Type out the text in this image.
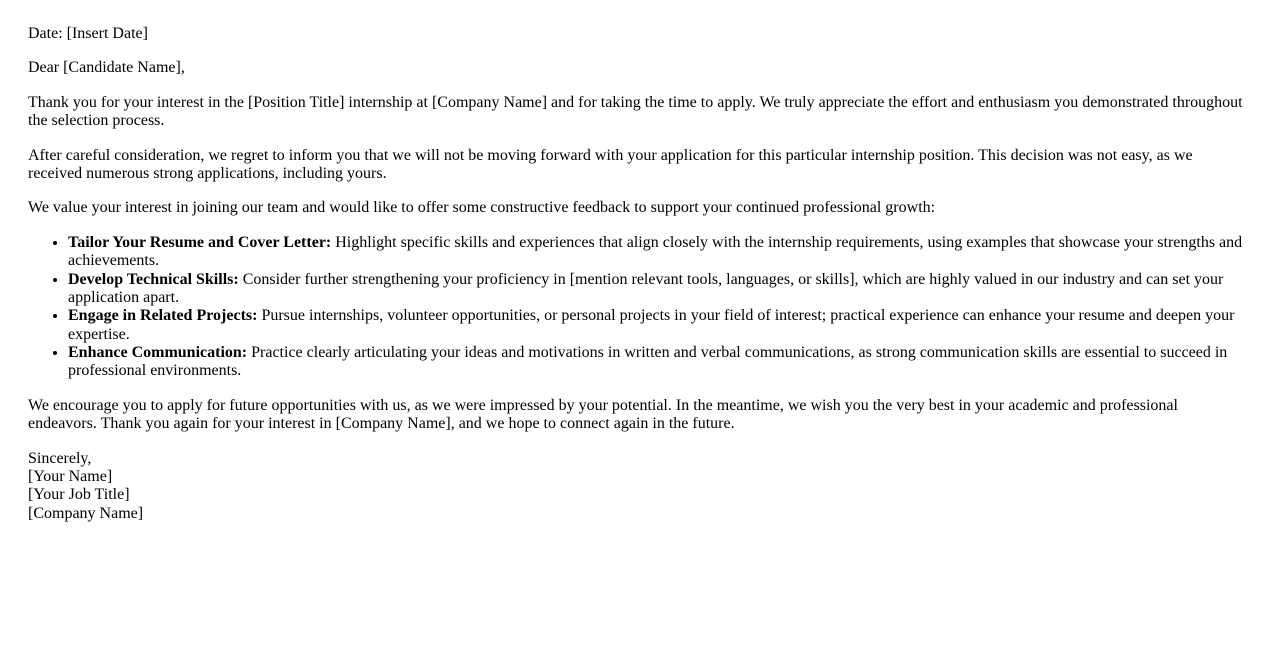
Date: [Insert Date]

Dear [Candidate Name],

Thank you for your interest in the [Position Title] internship at [Company Name] and for taking the time to apply. We truly appreciate the effort and enthusiasm you demonstrated throughout the selection process.

After careful consideration, we regret to inform you that we will not be moving forward with your application for this particular internship position. This decision was not easy, as we received numerous strong applications, including yours.

We value your interest in joining our team and would like to offer some constructive feedback to support your continued professional growth:

• Tailor Your Resume and Cover Letter: Highlight specific skills and experiences that align closely with the internship requirements, using examples that showcase your strengths and achievements.
• Develop Technical Skills: Consider further strengthening your proficiency in [mention relevant tools, languages, or skills], which are highly valued in our industry and can set your application apart.
• Engage in Related Projects: Pursue internships, volunteer opportunities, or personal projects in your field of interest; practical experience can enhance your resume and deepen your expertise.
• Enhance Communication: Practice clearly articulating your ideas and motivations in written and verbal communications, as strong communication skills are essential to succeed in professional environments.

We encourage you to apply for future opportunities with us, as we were impressed by your potential. In the meantime, we wish you the very best in your academic and professional endeavors. Thank you again for your interest in [Company Name], and we hope to connect again in the future.

Sincerely,
[Your Name]
[Your Job Title]
[Company Name]
